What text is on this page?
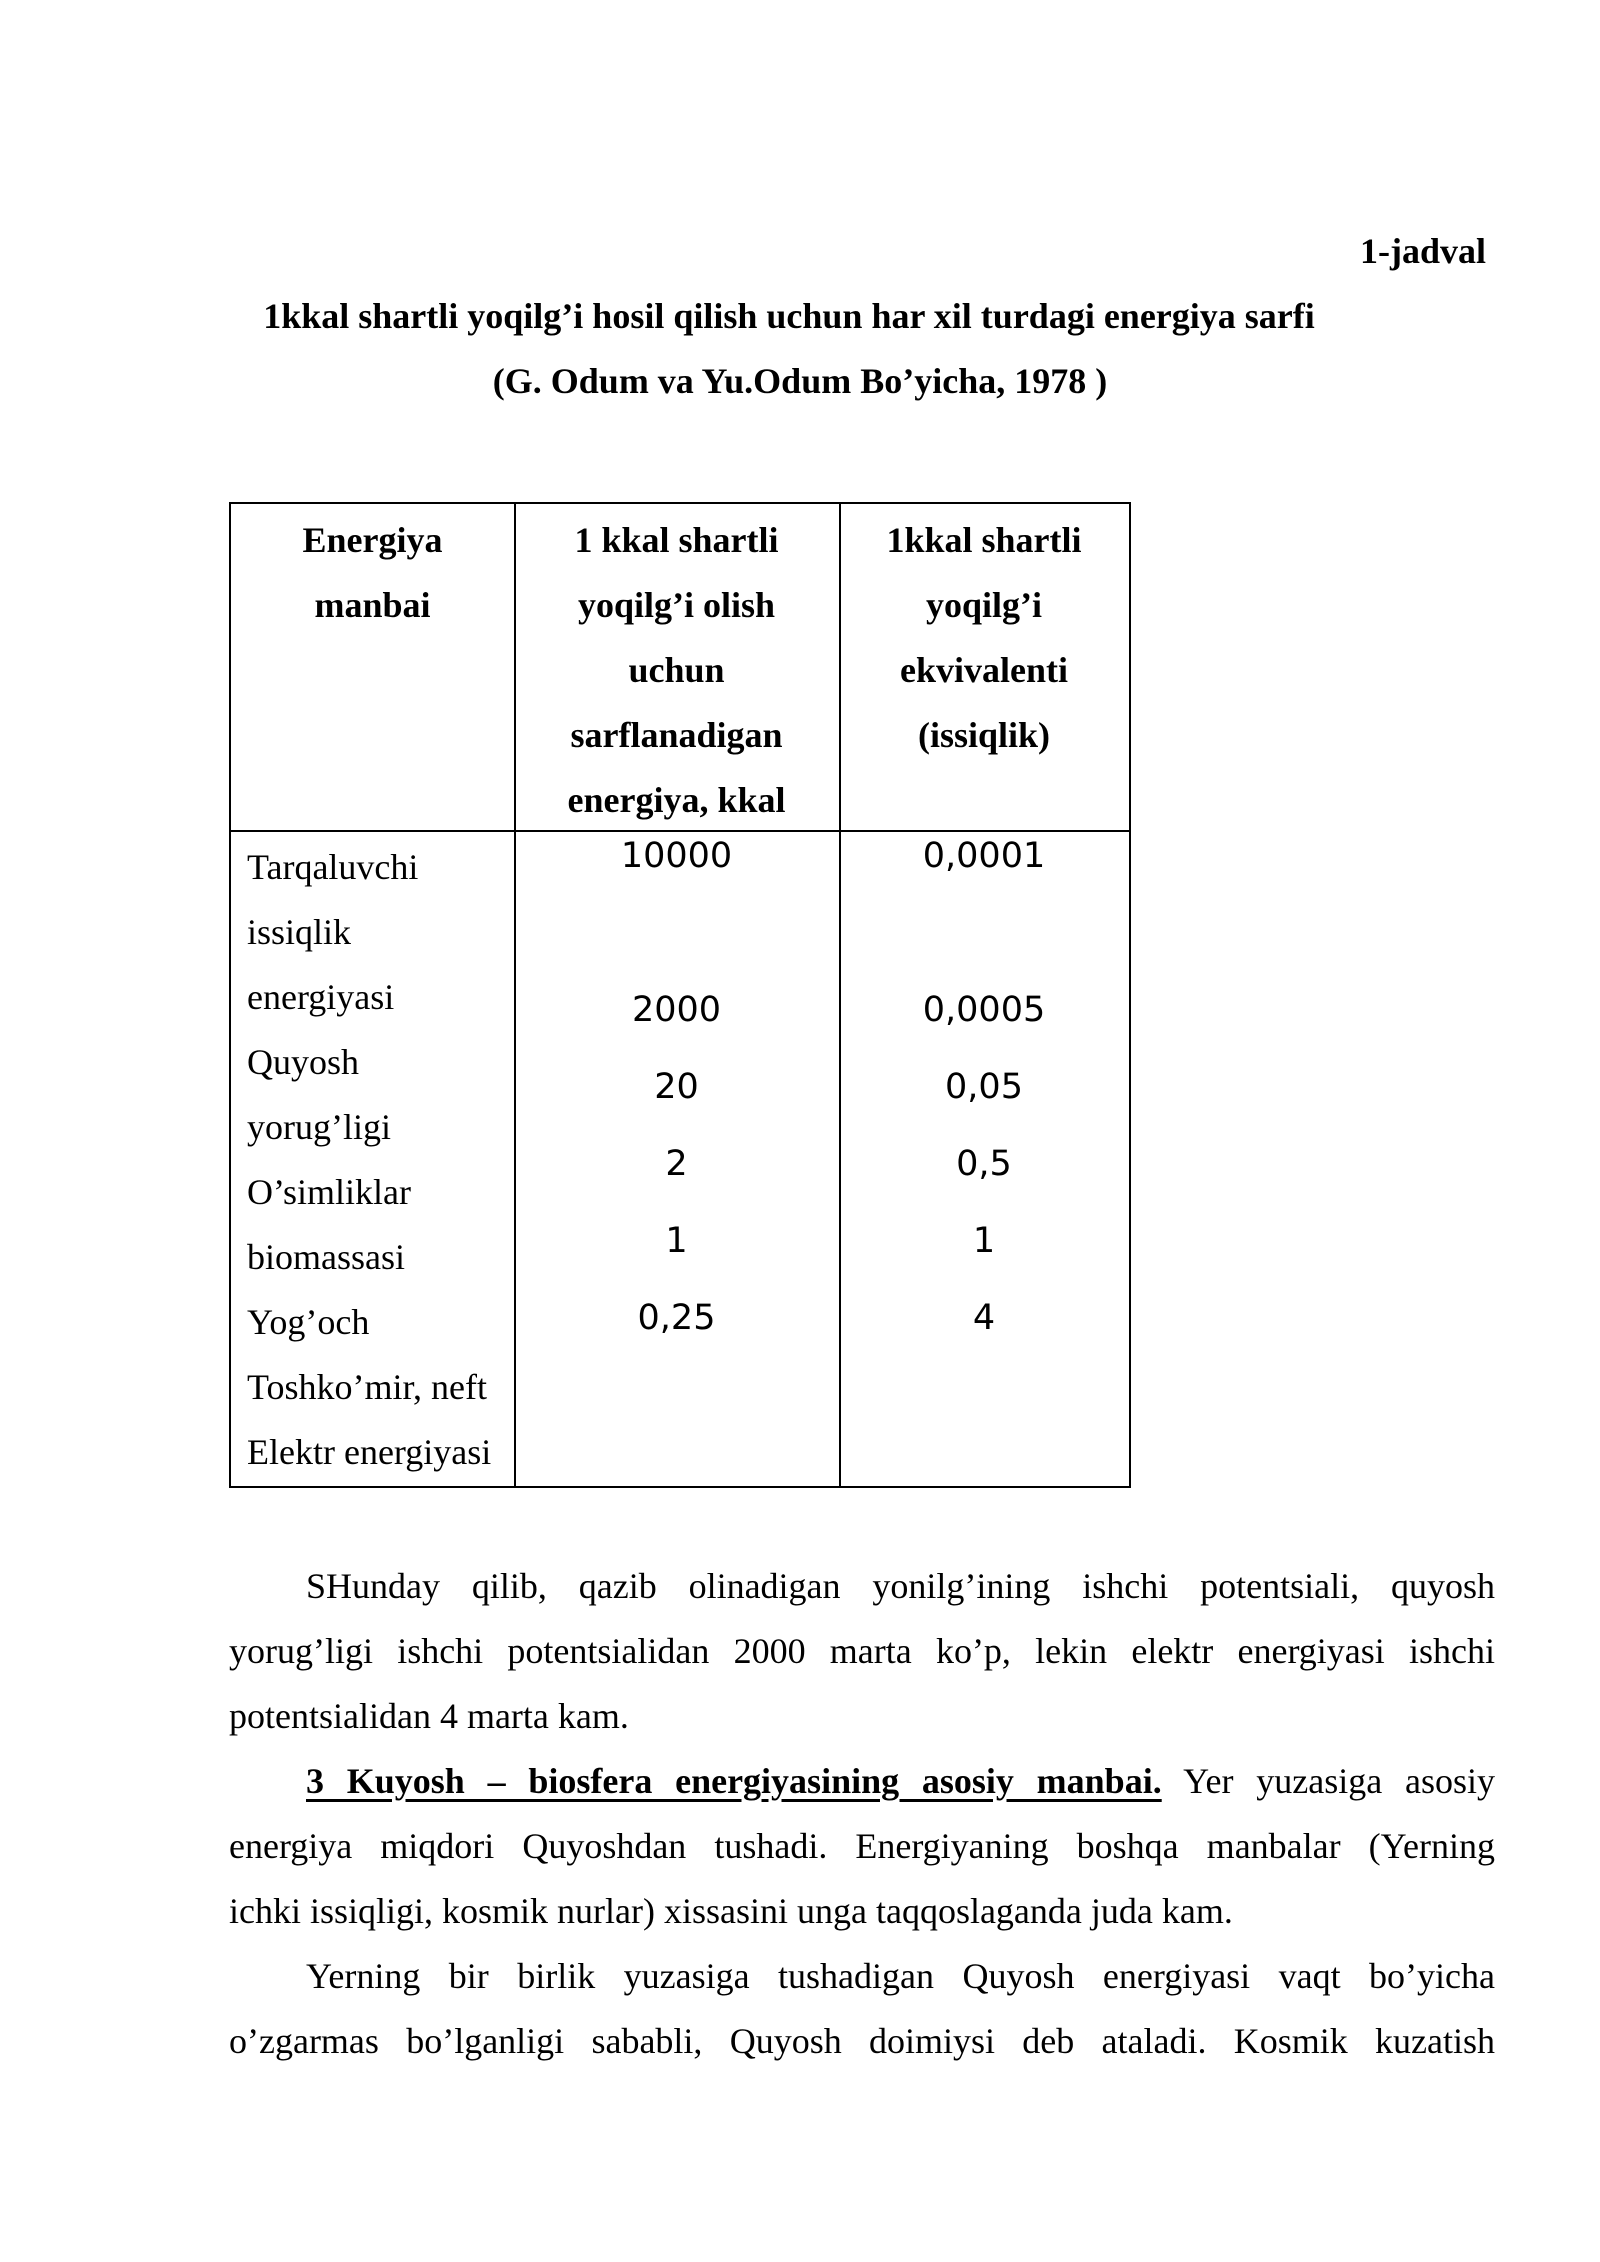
1-jadval
1kkal shartli yoqilg’i hosil qilish uchun har xil turdagi energiya sarfi
(G. Odum va Yu.Odum Bo’yicha, 1978 )
Energiya
manbai
1 kkal shartli
yoqilg’i olish
uchun
sarflanadigan
energiya, kkal
1kkal shartli
yoqilg’i
ekvivalenti
(issiqlik)
Tarqaluvchi
issiqlik
energiyasi
Quyosh
yorug’ligi
O’simliklar
biomassasi
Yog’och
Toshko’mir, neft
Elektr energiyasi
10000
2000
20
2
1
0,25
0,0001
0,0005
0,05
0,5
1
4
SHunday qilib, qazib olinadigan yonilg’ining ishchi potentsiali, quyosh
yorug’ligi ishchi potentsialidan 2000 marta ko’p, lekin elektr energiyasi ishchi
potentsialidan 4 marta kam.
3 Kuyosh – biosfera energiyasining asosiy manbai. Yer yuzasiga asosiy
energiya miqdori Quyoshdan tushadi. Energiyaning boshqa manbalar (Yerning
ichki issiqligi, kosmik nurlar) xissasini unga taqqoslaganda juda kam.
Yerning bir birlik yuzasiga tushadigan Quyosh energiyasi vaqt bo’yicha
o’zgarmas bo’lganligi sababli, Quyosh doimiysi deb ataladi. Kosmik kuzatish
